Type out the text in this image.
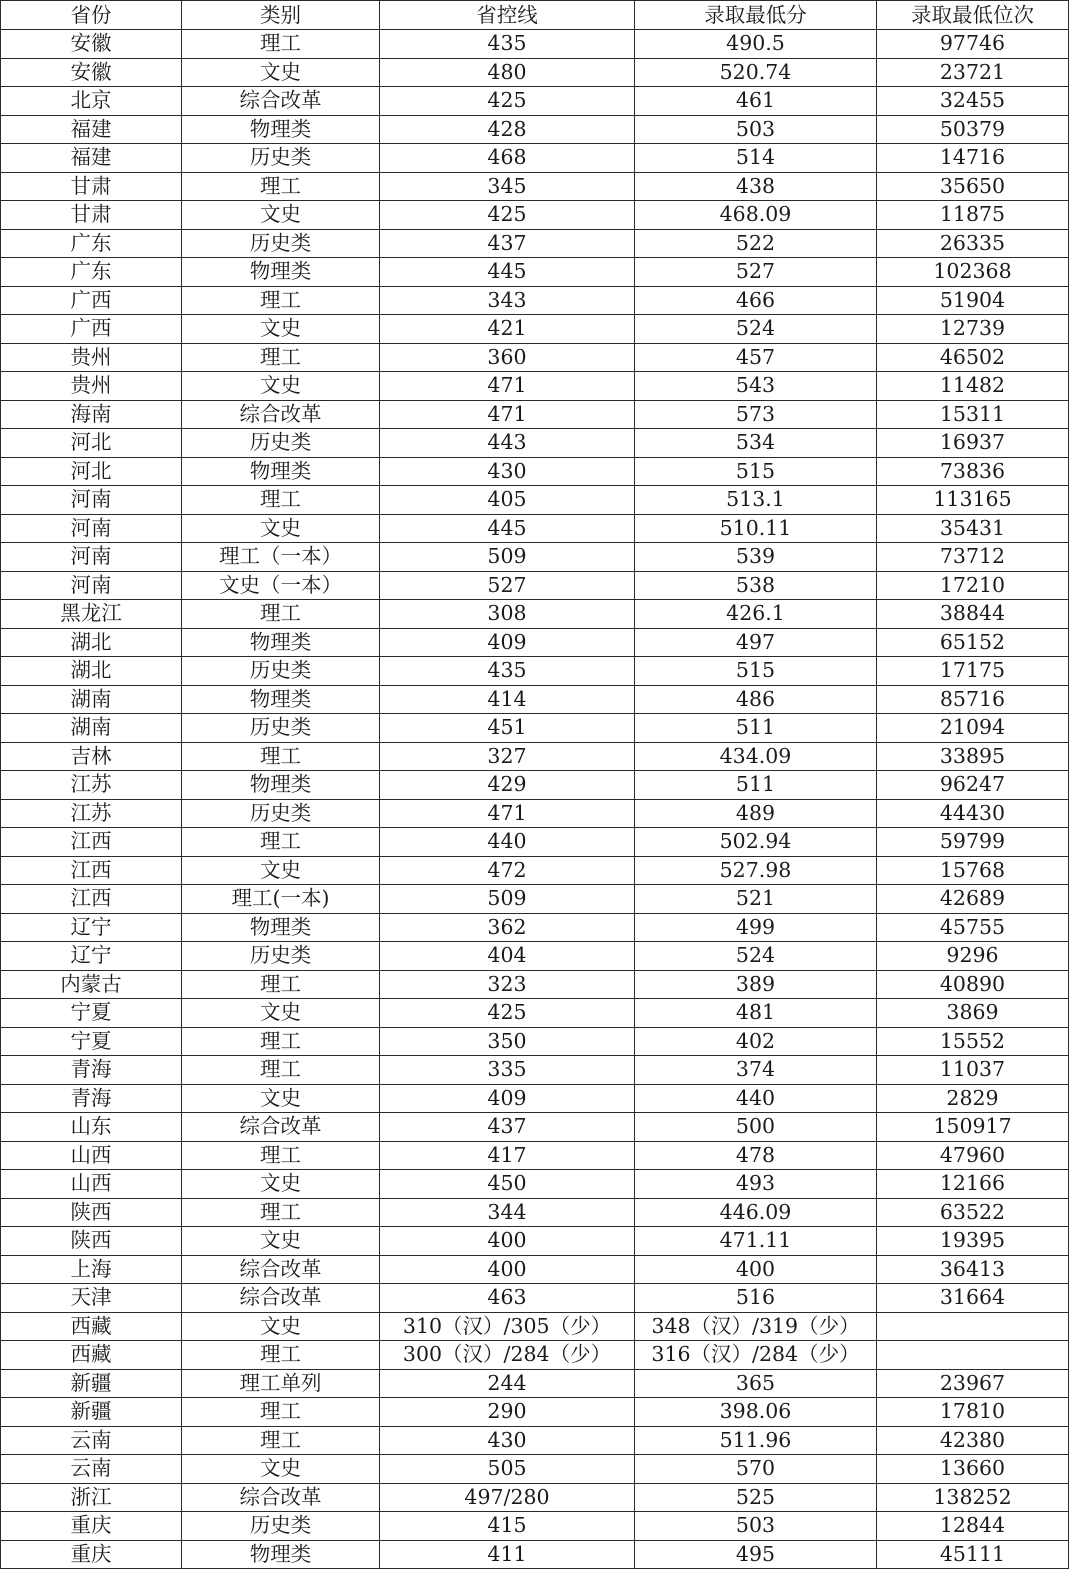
省份	类别	省控线	录取最低分	录取最低位次
安徽	理工	435	490.5	97746
安徽	文史	480	520.74	23721
北京	综合改革	425	461	32455
福建	物理类	428	503	50379
福建	历史类	468	514	14716
甘肃	理工	345	438	35650
甘肃	文史	425	468.09	11875
广东	历史类	437	522	26335
广东	物理类	445	527	102368
广西	理工	343	466	51904
广西	文史	421	524	12739
贵州	理工	360	457	46502
贵州	文史	471	543	11482
海南	综合改革	471	573	15311
河北	历史类	443	534	16937
河北	物理类	430	515	73836
河南	理工	405	513.1	113165
河南	文史	445	510.11	35431
河南	理工（一本）	509	539	73712
河南	文史（一本）	527	538	17210
黑龙江	理工	308	426.1	38844
湖北	物理类	409	497	65152
湖北	历史类	435	515	17175
湖南	物理类	414	486	85716
湖南	历史类	451	511	21094
吉林	理工	327	434.09	33895
江苏	物理类	429	511	96247
江苏	历史类	471	489	44430
江西	理工	440	502.94	59799
江西	文史	472	527.98	15768
江西	理工(一本)	509	521	42689
辽宁	物理类	362	499	45755
辽宁	历史类	404	524	9296
内蒙古	理工	323	389	40890
宁夏	文史	425	481	3869
宁夏	理工	350	402	15552
青海	理工	335	374	11037
青海	文史	409	440	2829
山东	综合改革	437	500	150917
山西	理工	417	478	47960
山西	文史	450	493	12166
陕西	理工	344	446.09	63522
陕西	文史	400	471.11	19395
上海	综合改革	400	400	36413
天津	综合改革	463	516	31664
西藏	文史	310（汉）/305（少）	348（汉）/319（少）	
西藏	理工	300（汉）/284（少）	316（汉）/284（少）	
新疆	理工单列	244	365	23967
新疆	理工	290	398.06	17810
云南	理工	430	511.96	42380
云南	文史	505	570	13660
浙江	综合改革	497/280	525	138252
重庆	历史类	415	503	12844
重庆	物理类	411	495	45111
